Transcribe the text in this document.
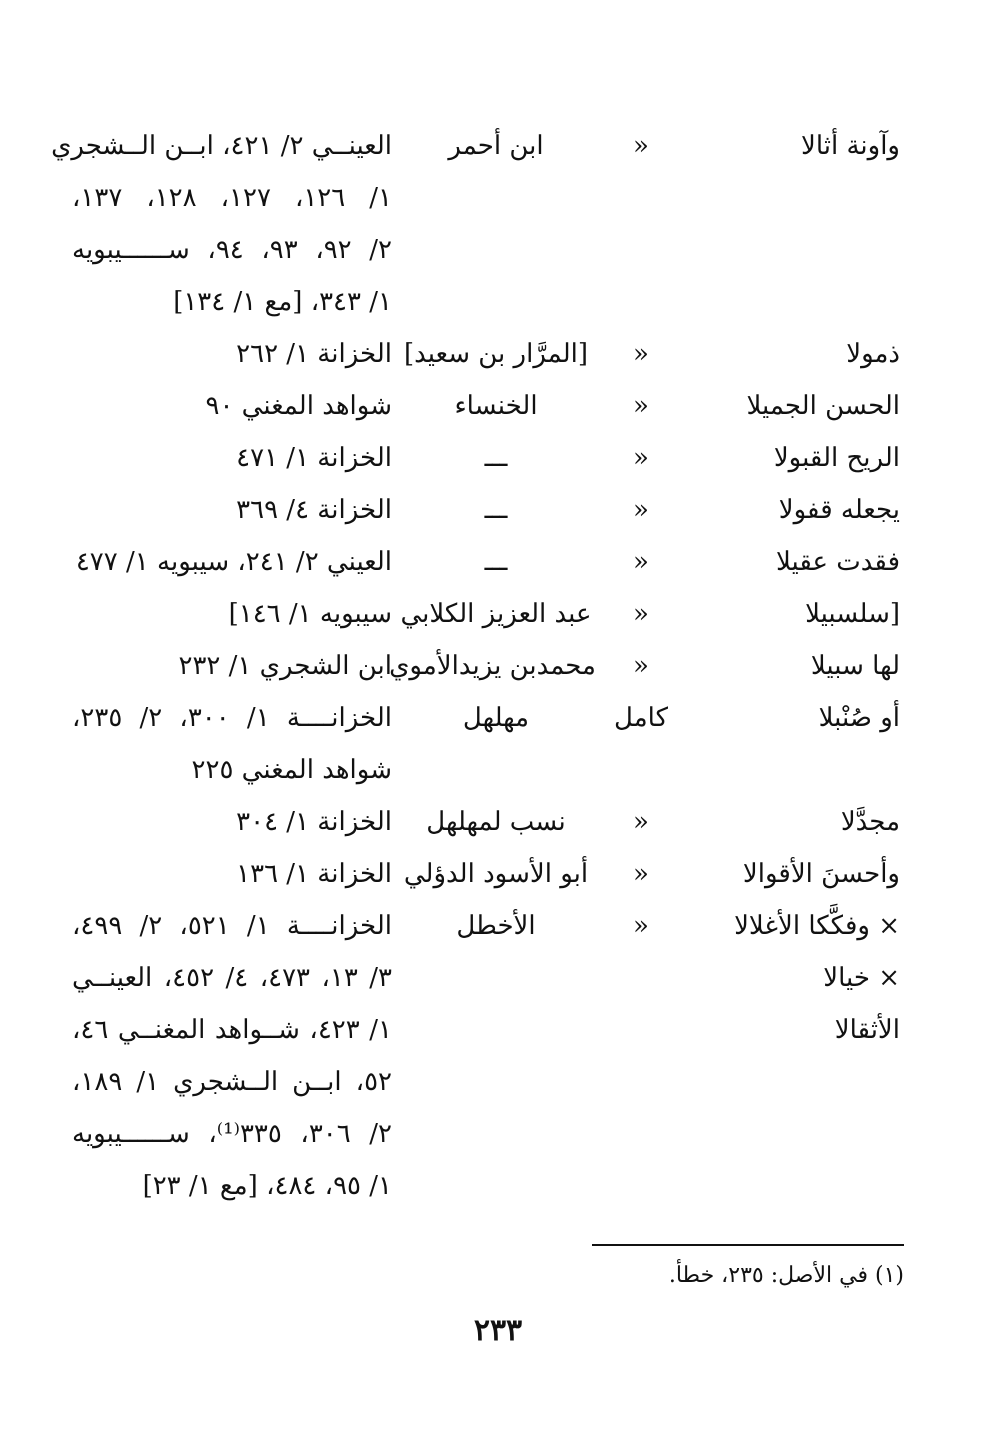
وآونة أثالا
«
ابن أحمر
العينــي ٢/ ٤٢١، ابــن الــشجري
١/ ١٢٦، ١٢٧، ١٢٨، ١٣٧،
٢/ ٩٢، ٩٣، ٩٤، ســــــيبويه
١/ ٣٤٣، [مع ١/ ١٣٤]
ذمولا
«
[المرَّار بن سعيد]
الخزانة ١/ ٢٦٢
الحسن الجميلا
«
الخنساء
شواهد المغني ٩٠
الريح القبولا
«
ـــ
الخزانة ١/ ٤٧١
يجعله قفولا
«
ـــ
الخزانة ٤/ ٣٦٩
فقدت عقيلا
«
ـــ
العيني ٢/ ٢٤١، سيبويه ١/ ٤٧٧
[سلسبيلا
«
عبد العزيز الكلابي
سيبويه ١/ ١٤٦]
لها سبيلا
«
محمدبن يزيدالأموي
ابن الشجري ١/ ٢٣٢
أو صُنْبلا
كامل
مهلهل
الخزانــــة ١/ ٣٠٠، ٢/ ٢٣٥،
شواهد المغني ٢٢٥
مجدَّلا
«
نسب لمهلهل
الخزانة ١/ ٣٠٤
وأحسنَ الأقوالا
«
أبو الأسود الدؤلي
الخزانة ١/ ١٣٦
× وفكَّكا الأغلالا
«
الأخطل
الخزانــــة ١/ ٥٢١، ٢/ ٤٩٩،
× خيالا
٣/ ١٣، ٤٧٣، ٤/ ٤٥٢، العينــي
الأثقالا
١/ ٤٢٣، شــواهد المغنــي ٤٦،
٥٢، ابــن الــشجري ١/ ١٨٩،
٢/ ٣٠٦، ٣٣٥⁽¹⁾، ســــــيبويه
١/ ٩٥، ٤٨٤، [مع ١/ ٢٣]
(١) في الأصل: ٢٣٥، خطأ.
٢٣٣
